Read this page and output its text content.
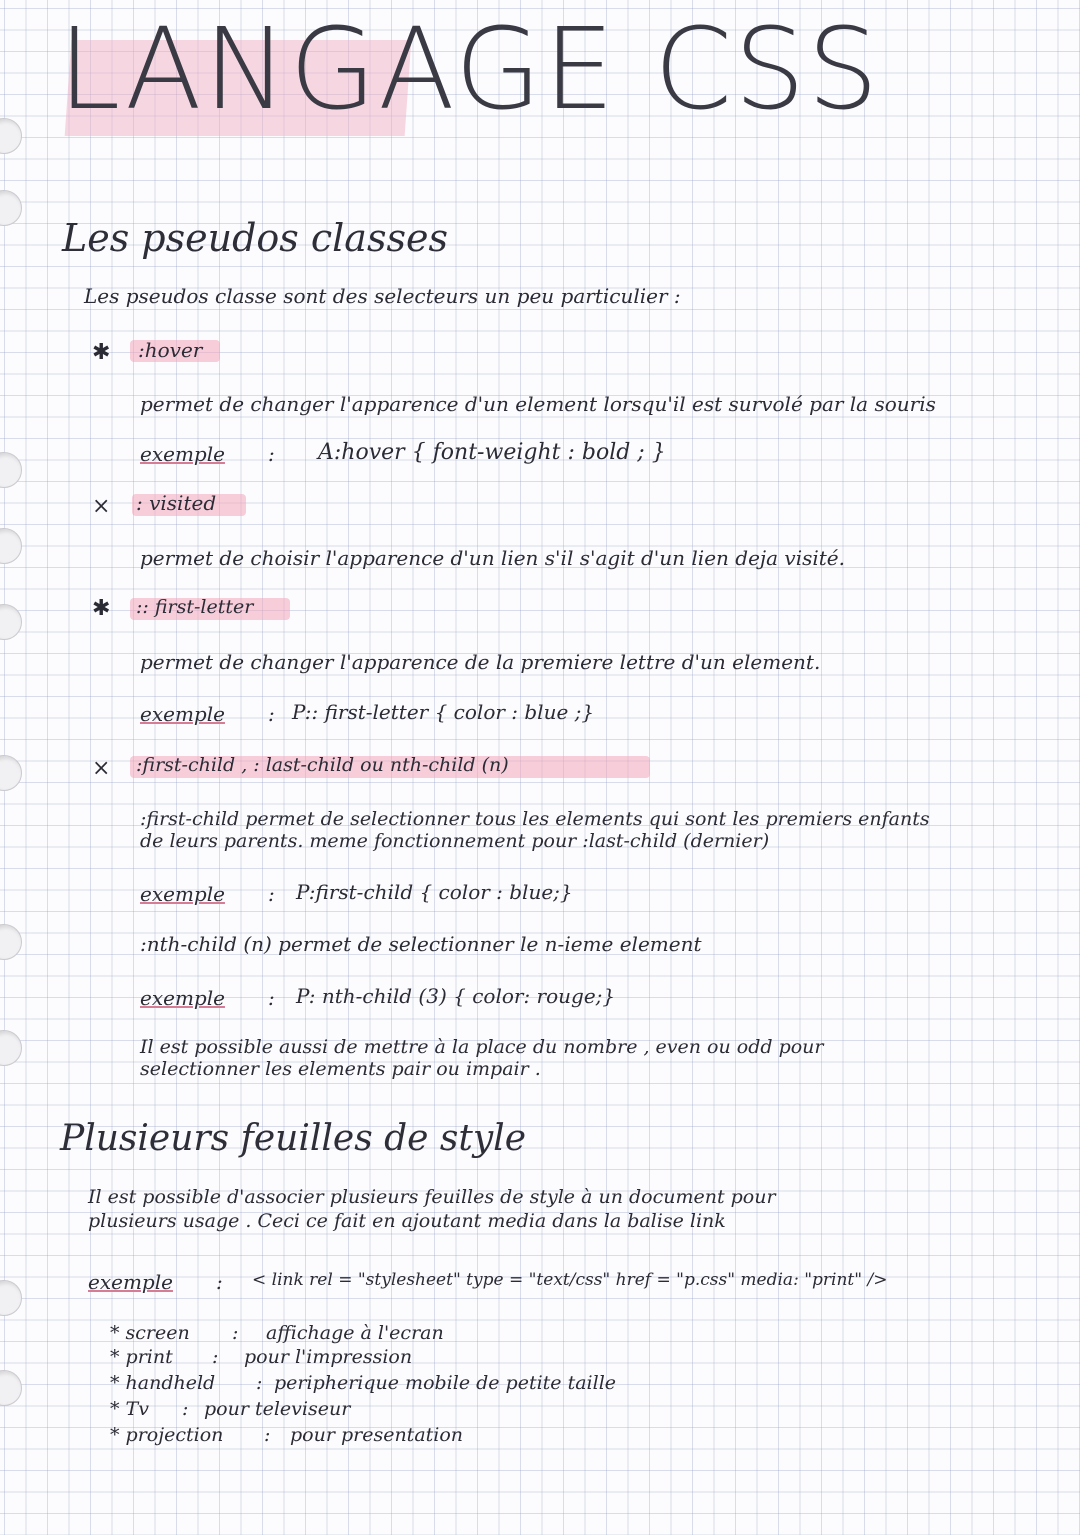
LANGAGE CSS
Les pseudos classes
Les pseudos classe sont des selecteurs un peu particulier :
✱ :hover
permet de changer l'apparence d'un element lorsqu'il est survolé par la souris
exemple : A:hover { font-weight : bold ; }
× : visited
permet de choisir l'apparence d'un lien s'il s'agit d'un lien deja visité.
✱ :: first-letter
permet de changer l'apparence de la premiere lettre d'un element.
exemple : P:: first-letter { color : blue ;}
× :first-child , : last-child ou nth-child (n)
:first-child permet de selectionner tous les elements qui sont les premiers enfants
de leurs parents. meme fonctionnement pour :last-child (dernier)
exemple : P:first-child { color : blue;}
:nth-child (n) permet de selectionner le n-ieme element
exemple : P: nth-child (3) { color: rouge;}
Il est possible aussi de mettre à la place du nombre , even ou odd pour
selectionner les elements pair ou impair .
Plusieurs feuilles de style
Il est possible d'associer plusieurs feuilles de style à un document pour
plusieurs usage . Ceci ce fait en ajoutant media dans la balise link
exemple : < link rel = "stylesheet" type = "text/css" href = "p.css" media: "print" />
* screen : affichage à l'ecran
* print : pour l'impression
* handheld : peripherique mobile de petite taille
* Tv : pour televiseur
* projection : pour presentation
